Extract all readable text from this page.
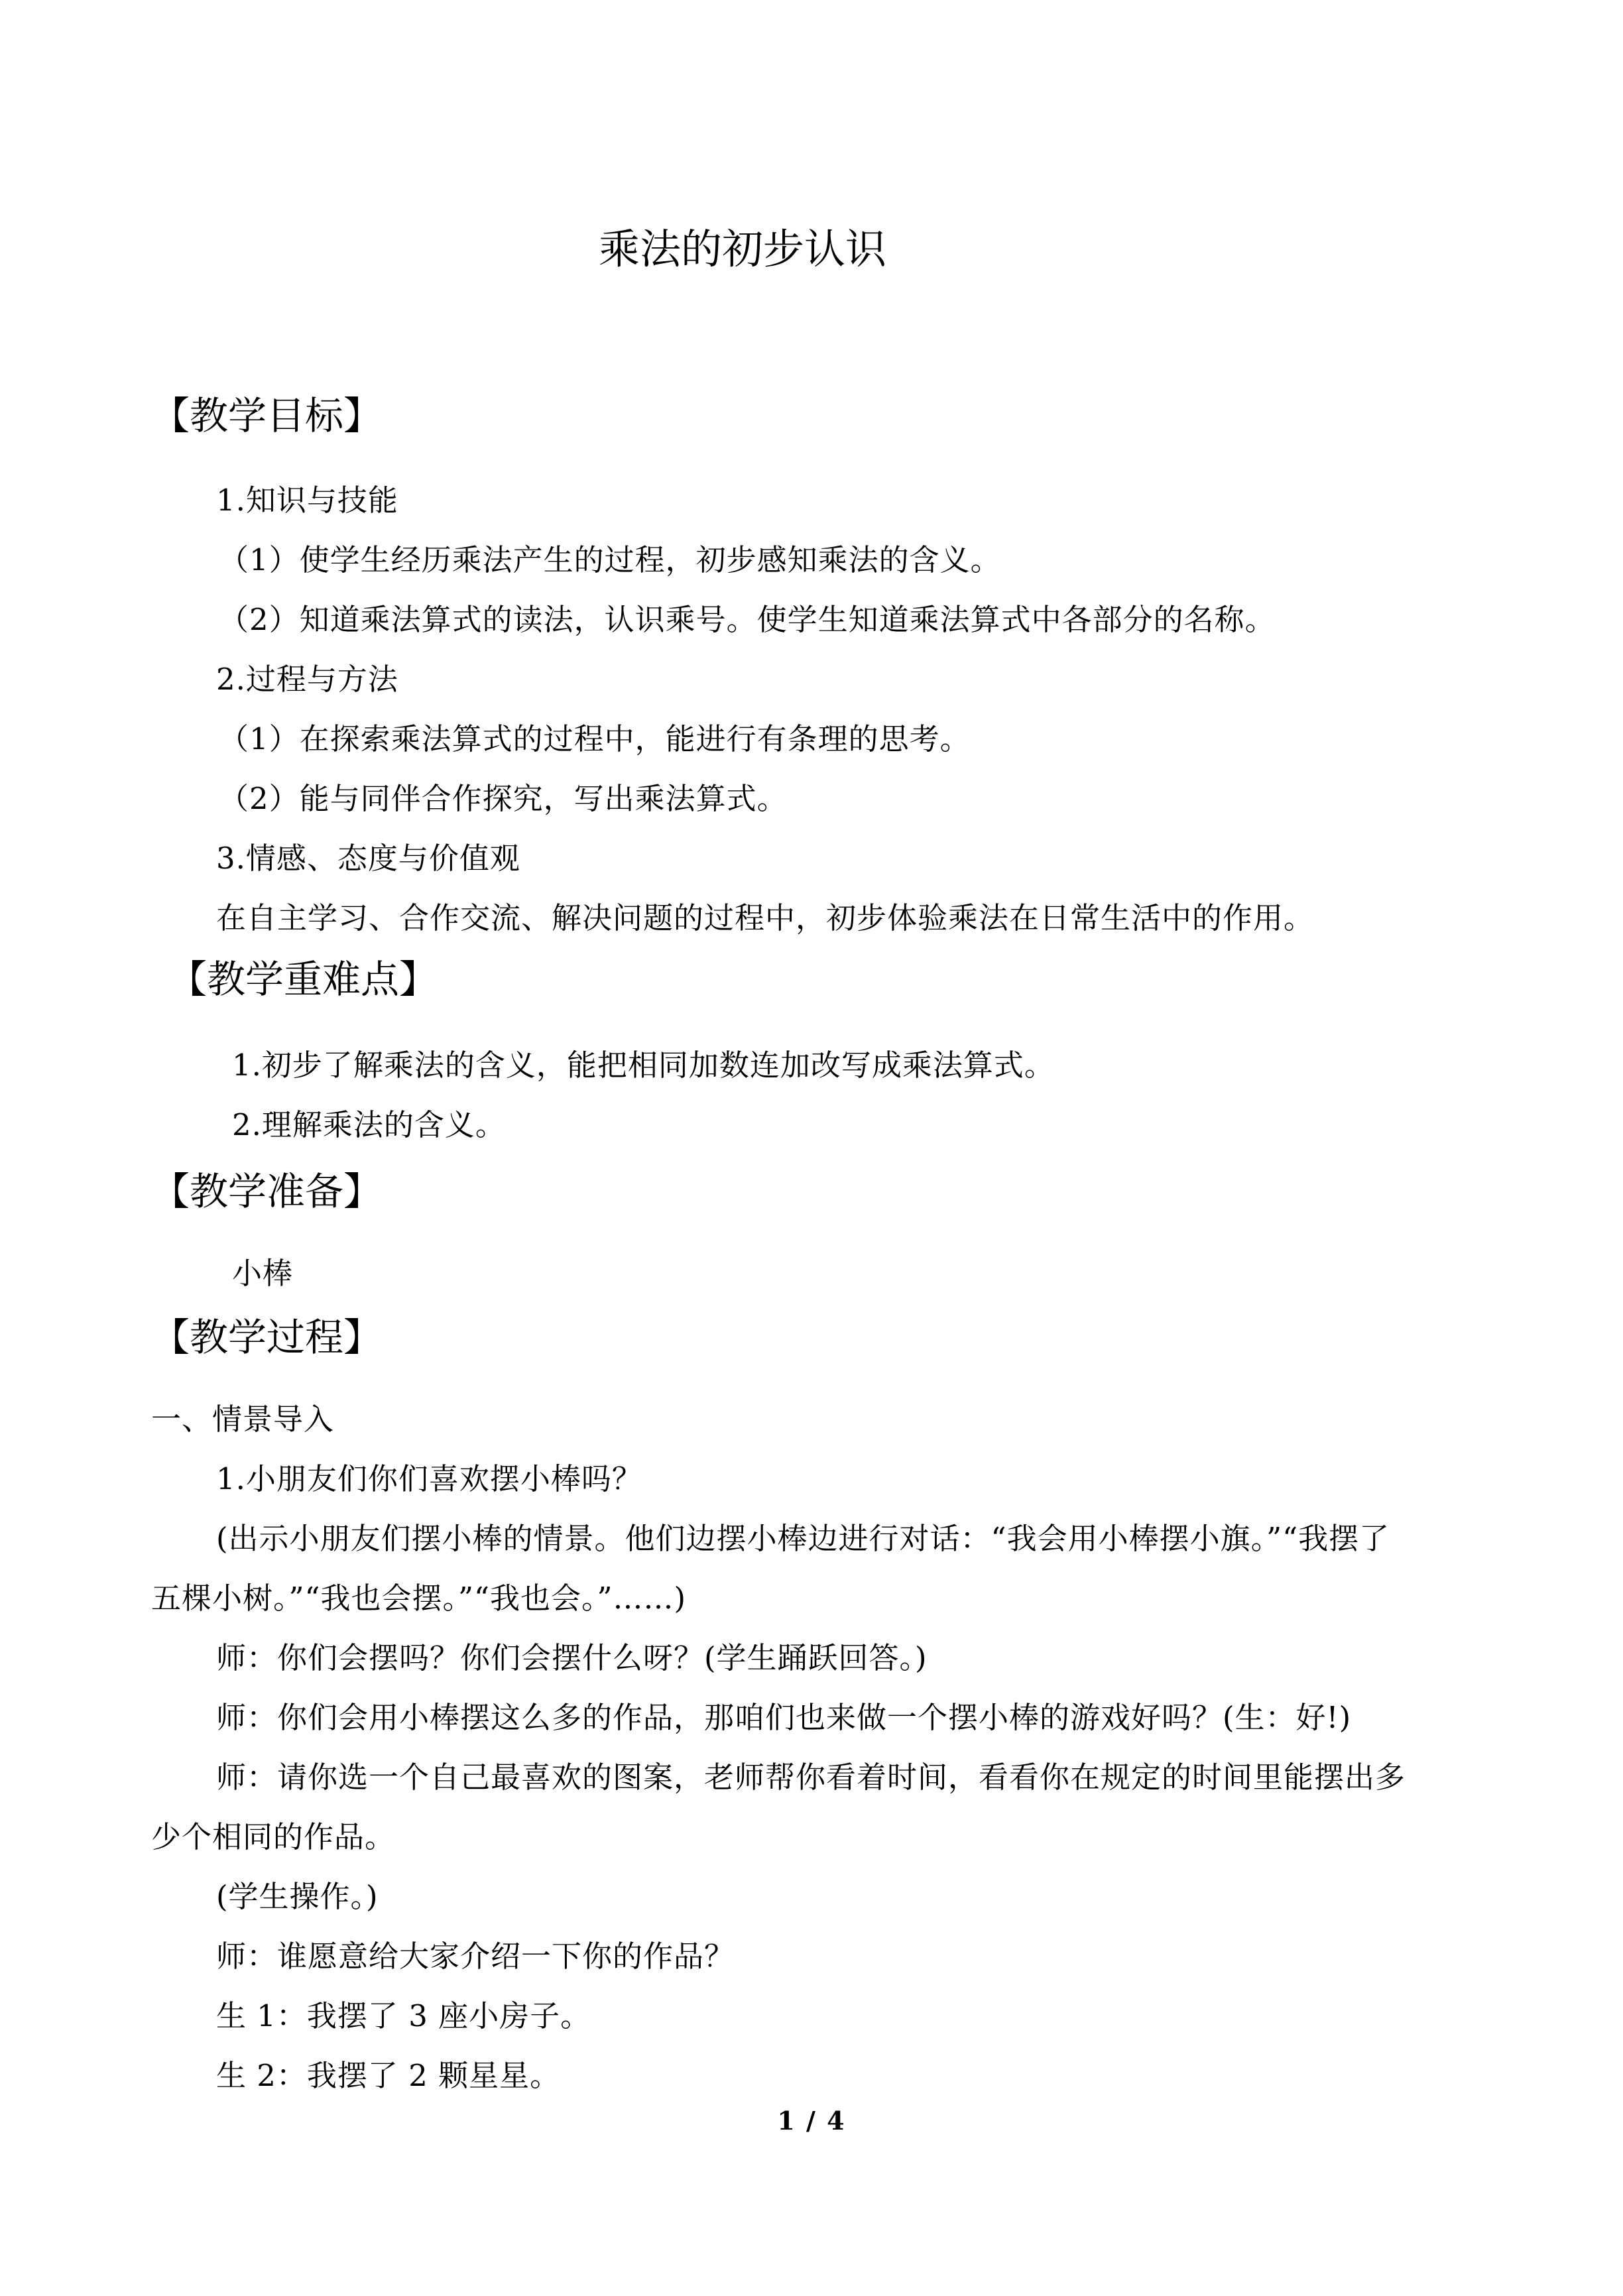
乘法的初步认识
【教学目标】
1.知识与技能
（1）使学生经历乘法产生的过程，初步感知乘法的含义。
（2）知道乘法算式的读法，认识乘号。使学生知道乘法算式中各部分的名称。
2.过程与方法
（1）在探索乘法算式的过程中，能进行有条理的思考。
（2）能与同伴合作探究，写出乘法算式。
3.情感、态度与价值观
在自主学习、合作交流、解决问题的过程中，初步体验乘法在日常生活中的作用。
【教学重难点】
1.初步了解乘法的含义，能把相同加数连加改写成乘法算式。
2.理解乘法的含义。
【教学准备】
小棒
【教学过程】
一、情景导入
1.小朋友们你们喜欢摆小棒吗？
(出示小朋友们摆小棒的情景。他们边摆小棒边进行对话：“我会用小棒摆小旗。”“我摆了
五棵小树。”“我也会摆。”“我也会。”……)
师：你们会摆吗？你们会摆什么呀？(学生踊跃回答。)
师：你们会用小棒摆这么多的作品，那咱们也来做一个摆小棒的游戏好吗？(生：好!)
师：请你选一个自己最喜欢的图案，老师帮你看着时间，看看你在规定的时间里能摆出多
少个相同的作品。
(学生操作。)
师：谁愿意给大家介绍一下你的作品？
生 1：我摆了 3 座小房子。
生 2：我摆了 2 颗星星。
1 / 4
